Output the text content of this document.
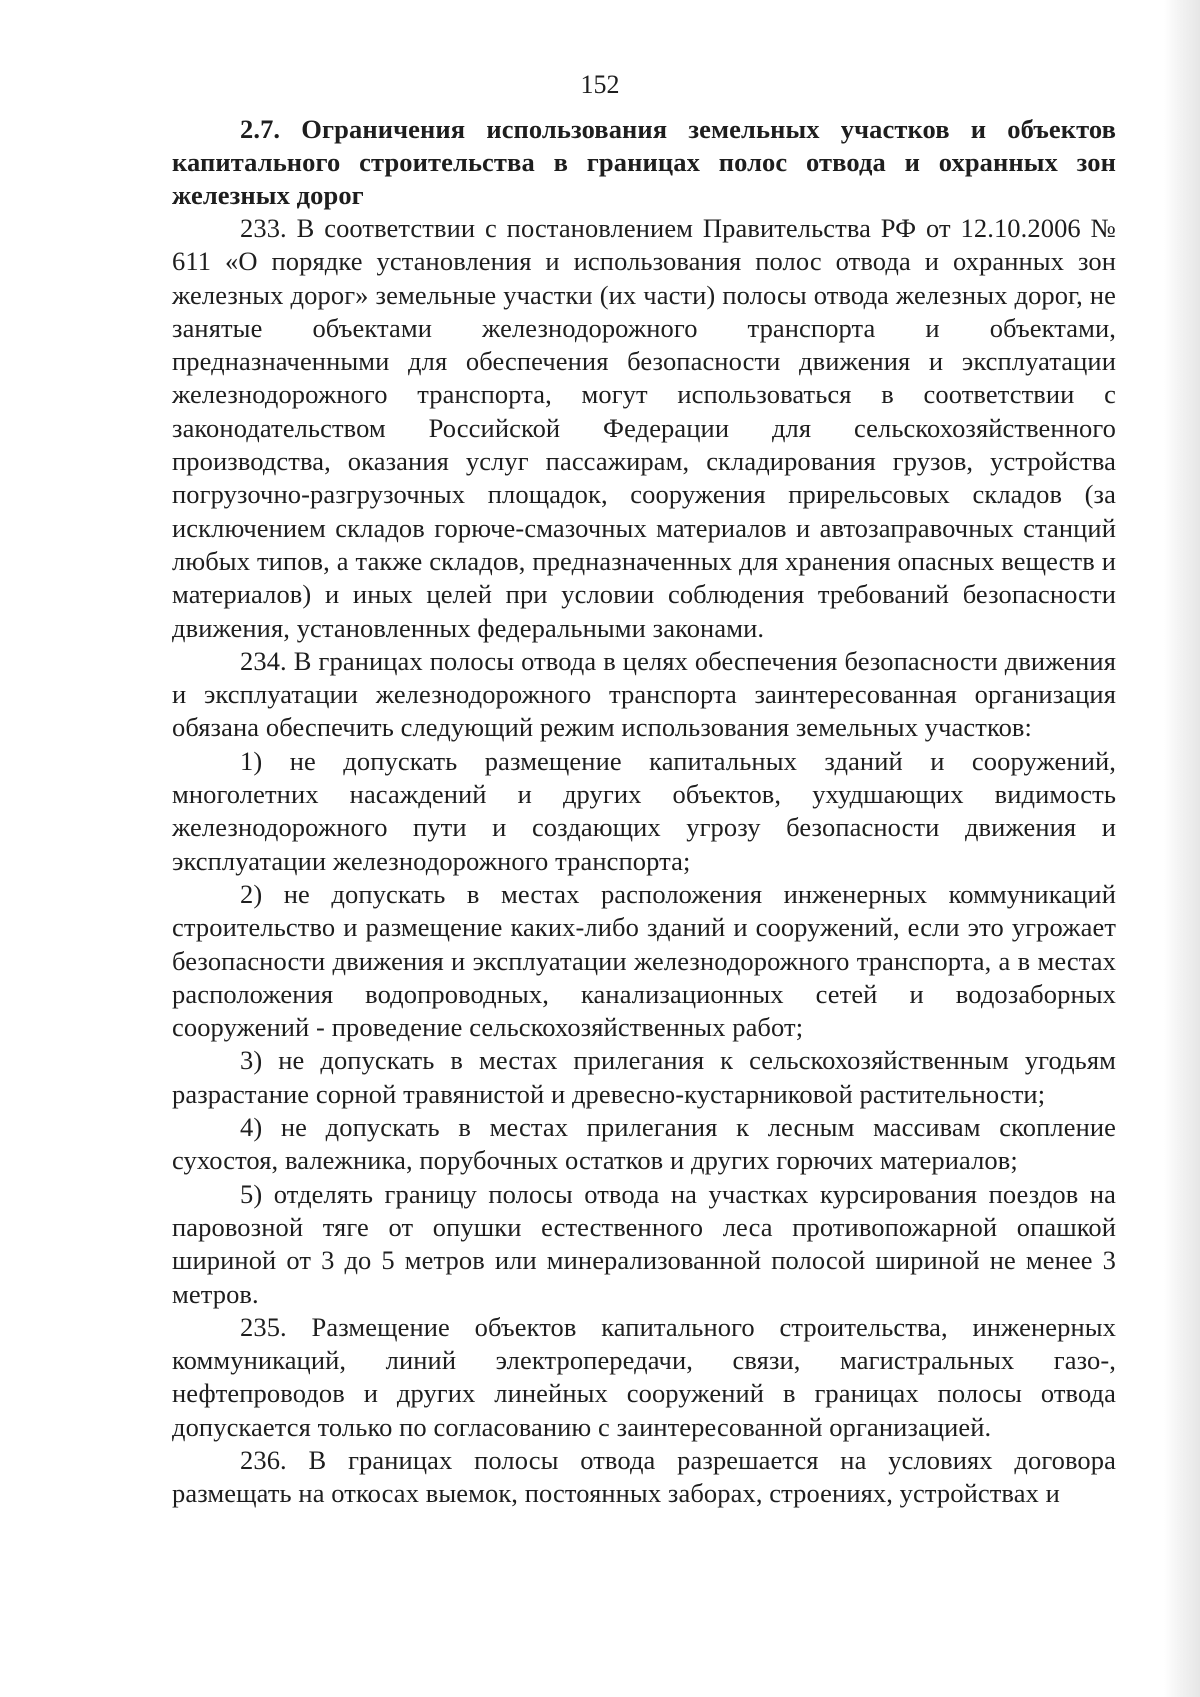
152

2.7. Ограничения использования земельных участков и объектов капитального строительства в границах полос отвода и охранных зон железных дорог

233. В соответствии с постановлением Правительства РФ от 12.10.2006 № 611 «О порядке установления и использования полос отвода и охранных зон железных дорог» земельные участки (их части) полосы отвода железных дорог, не занятые объектами железнодорожного транспорта и объектами, предназначенными для обеспечения безопасности движения и эксплуатации железнодорожного транспорта, могут использоваться в соответствии с законодательством Российской Федерации для сельскохозяйственного производства, оказания услуг пассажирам, складирования грузов, устройства погрузочно-разгрузочных площадок, сооружения прирельсовых складов (за исключением складов горюче-смазочных материалов и автозаправочных станций любых типов, а также складов, предназначенных для хранения опасных веществ и материалов) и иных целей при условии соблюдения требований безопасности движения, установленных федеральными законами.

234. В границах полосы отвода в целях обеспечения безопасности движения и эксплуатации железнодорожного транспорта заинтересованная организация обязана обеспечить следующий режим использования земельных участков:

1) не допускать размещение капитальных зданий и сооружений, многолетних насаждений и других объектов, ухудшающих видимость железнодорожного пути и создающих угрозу безопасности движения и эксплуатации железнодорожного транспорта;

2) не допускать в местах расположения инженерных коммуникаций строительство и размещение каких-либо зданий и сооружений, если это угрожает безопасности движения и эксплуатации железнодорожного транспорта, а в местах расположения водопроводных, канализационных сетей и водозаборных сооружений - проведение сельскохозяйственных работ;

3) не допускать в местах прилегания к сельскохозяйственным угодьям разрастание сорной травянистой и древесно-кустарниковой растительности;

4) не допускать в местах прилегания к лесным массивам скопление сухостоя, валежника, порубочных остатков и других горючих материалов;

5) отделять границу полосы отвода на участках курсирования поездов на паровозной тяге от опушки естественного леса противопожарной опашкой шириной от 3 до 5 метров или минерализованной полосой шириной не менее 3 метров.

235. Размещение объектов капитального строительства, инженерных коммуникаций, линий электропередачи, связи, магистральных газо-, нефтепроводов и других линейных сооружений в границах полосы отвода допускается только по согласованию с заинтересованной организацией.

236. В границах полосы отвода разрешается на условиях договора размещать на откосах выемок, постоянных заборах, строениях, устройствах и
